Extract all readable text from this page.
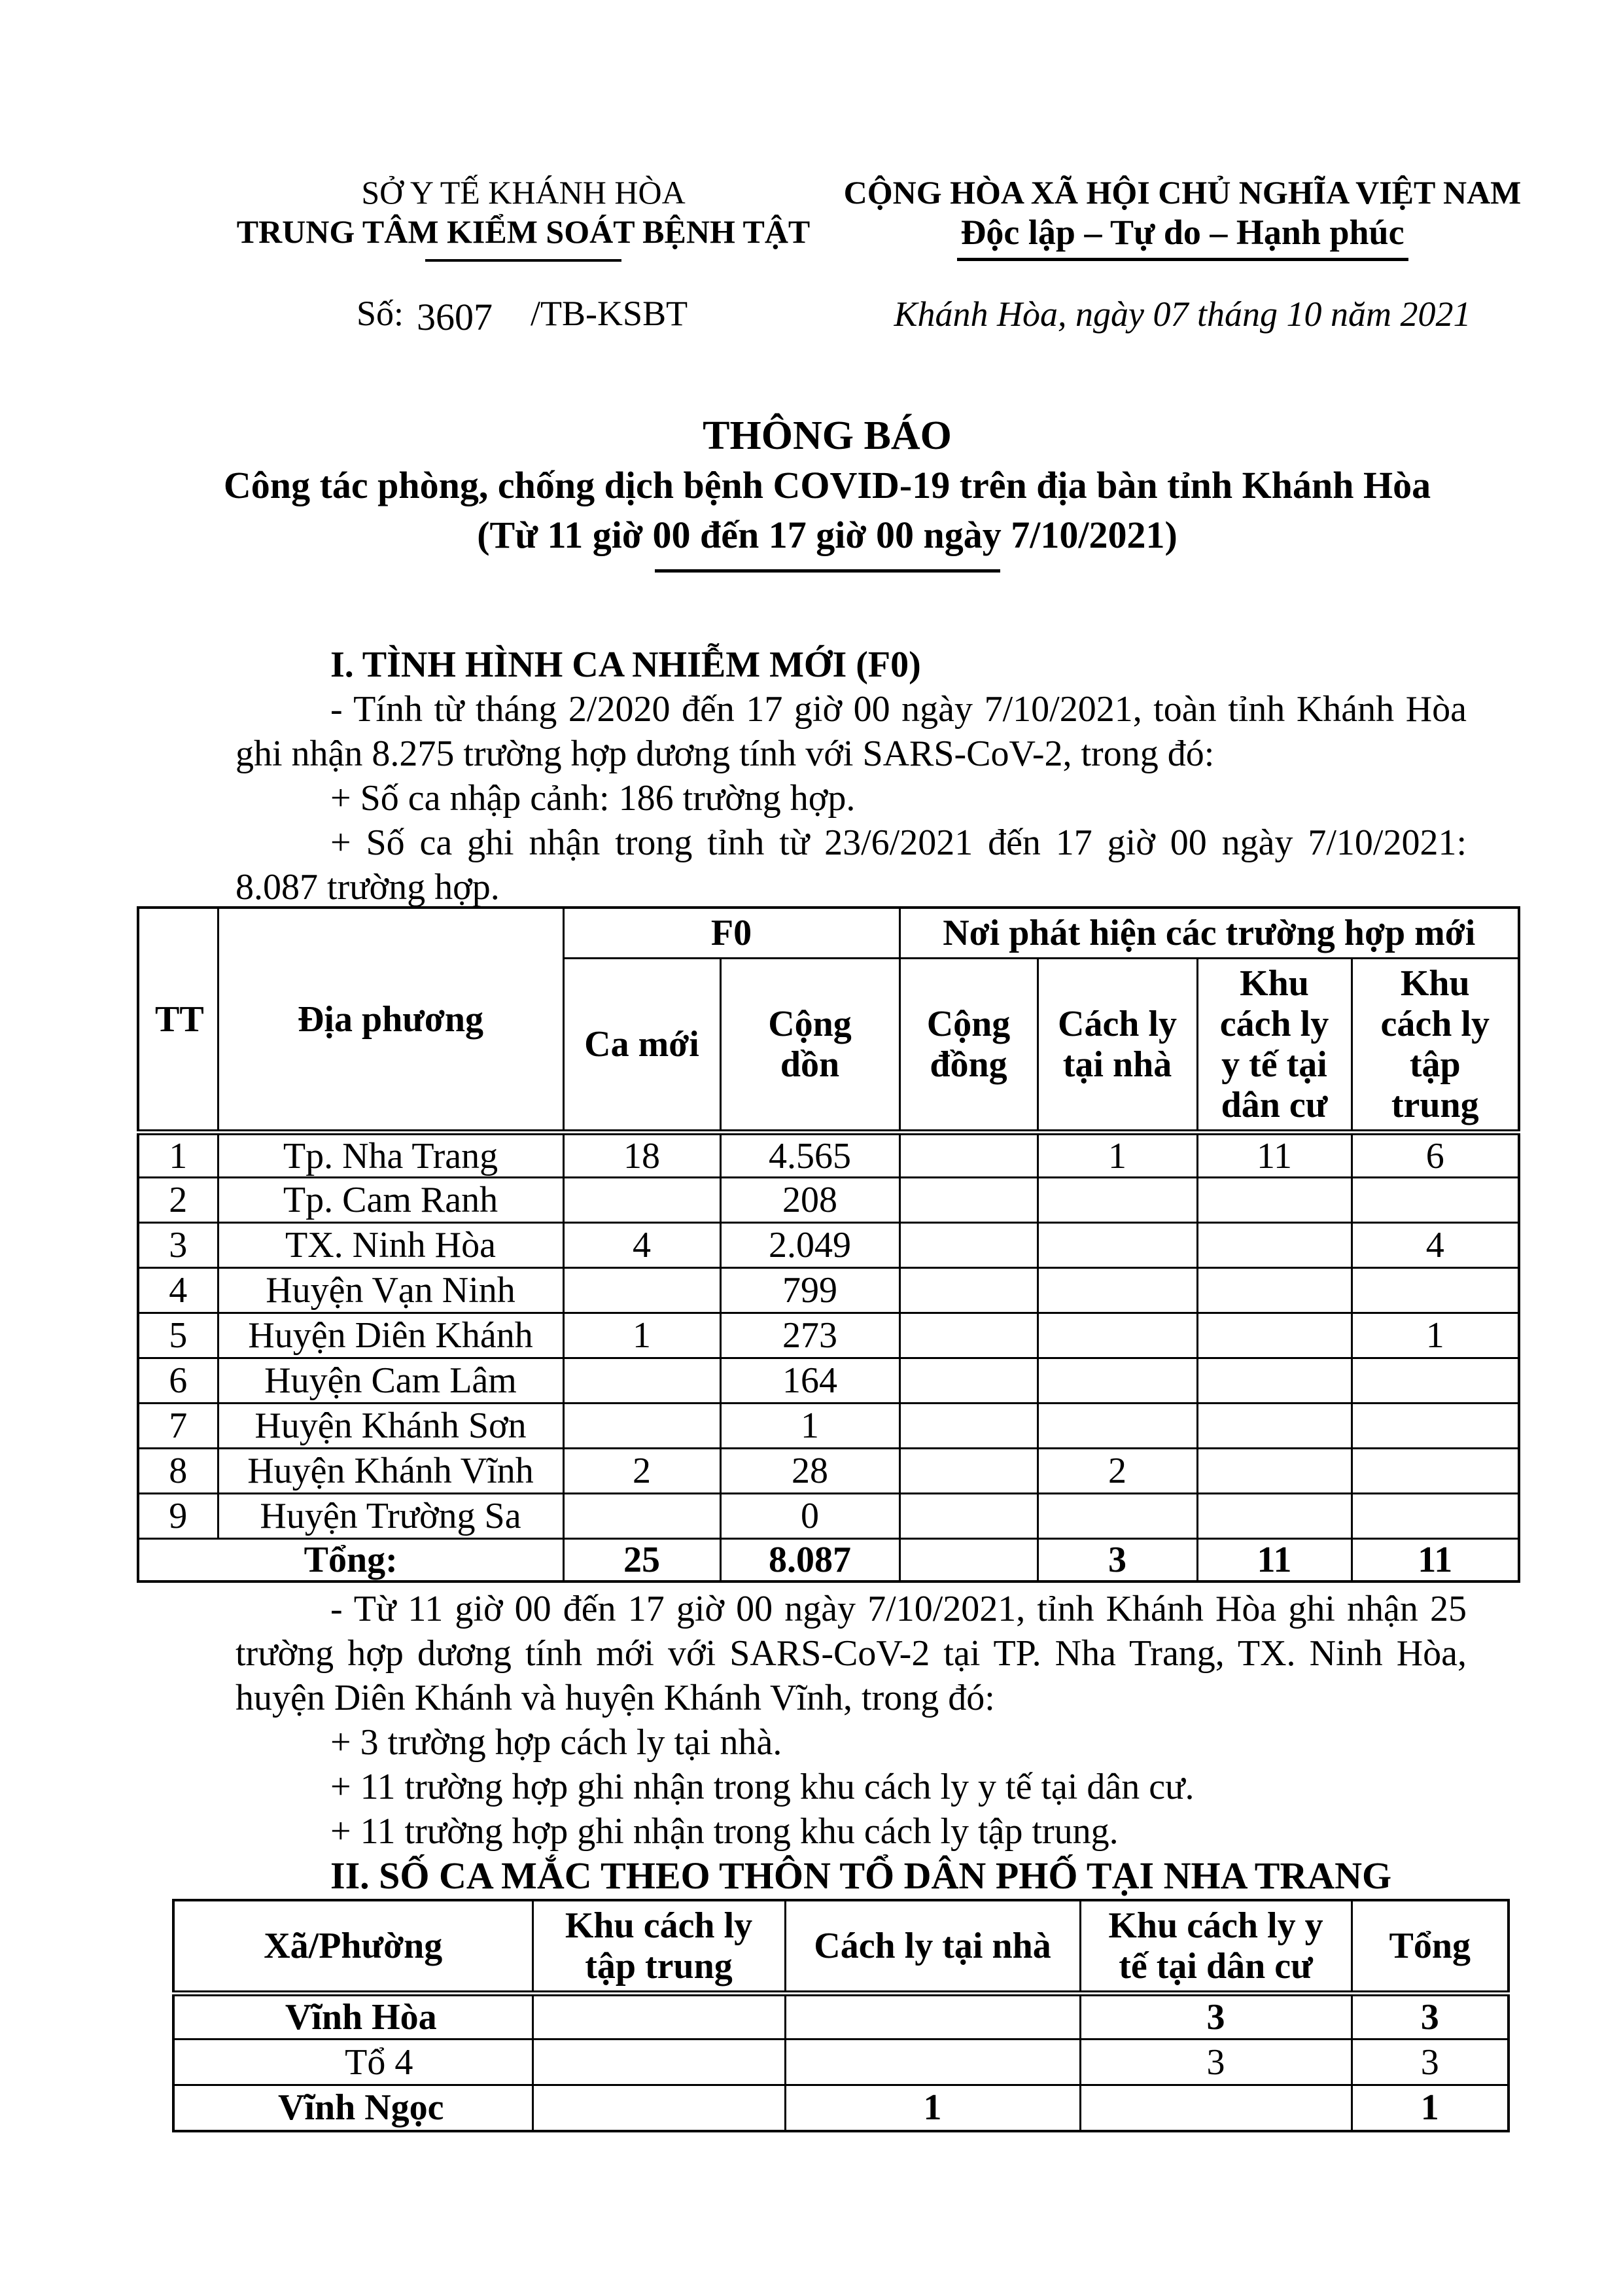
SỞ Y TẾ KHÁNH HÒA
TRUNG TÂM KIỂM SOÁT BỆNH TẬT
Số: 3607 /TB-KSBT
CỘNG HÒA XÃ HỘI CHỦ NGHĨA VIỆT NAM
Độc lập – Tự do – Hạnh phúc
Khánh Hòa, ngày 07 tháng 10 năm 2021
THÔNG BÁO
Công tác phòng, chống dịch bệnh COVID-19 trên địa bàn tỉnh Khánh Hòa
(Từ 11 giờ 00 đến 17 giờ 00 ngày 7/10/2021)

I. TÌNH HÌNH CA NHIỄM MỚI (F0)

- Tính từ tháng 2/2020 đến 17 giờ 00 ngày 7/10/2021, toàn tỉnh Khánh Hòa ghi nhận 8.275 trường hợp dương tính với SARS-CoV-2, trong đó:

+ Số ca nhập cảnh: 186 trường hợp.

+ Số ca ghi nhận trong tỉnh từ 23/6/2021 đến 17 giờ 00 ngày 7/10/2021: 8.087 trường hợp.

TT	Địa phương	F0		Nơi phát hiện các trường hợp mới			
		Ca mới	Cộng dồn	Cộng đồng	Cách ly tại nhà	Khu cách ly y tế tại dân cư	Khu cách ly tập trung
1	Tp. Nha Trang	18	4.565		1	11	6
2	Tp. Cam Ranh		208				
3	TX. Ninh Hòa	4	2.049				4
4	Huyện Vạn Ninh		799				
5	Huyện Diên Khánh	1	273				1
6	Huyện Cam Lâm		164				
7	Huyện Khánh Sơn		1				
8	Huyện Khánh Vĩnh	2	28		2		
9	Huyện Trường Sa		0				
Tổng:		25	8.087		3	11	11

- Từ 11 giờ 00 đến 17 giờ 00 ngày 7/10/2021, tỉnh Khánh Hòa ghi nhận 25 trường hợp dương tính mới với SARS-CoV-2 tại TP. Nha Trang, TX. Ninh Hòa, huyện Diên Khánh và huyện Khánh Vĩnh, trong đó:

+ 3 trường hợp cách ly tại nhà.

+ 11 trường hợp ghi nhận trong khu cách ly y tế tại dân cư.

+ 11 trường hợp ghi nhận trong khu cách ly tập trung.

II. SỐ CA MẮC THEO THÔN TỔ DÂN PHỐ TẠI NHA TRANG

Xã/Phường	Khu cách ly tập trung	Cách ly tại nhà	Khu cách ly y tế tại dân cư	Tổng
Vĩnh Hòa			3	3
Tổ 4			3	3
Vĩnh Ngọc		1		1
